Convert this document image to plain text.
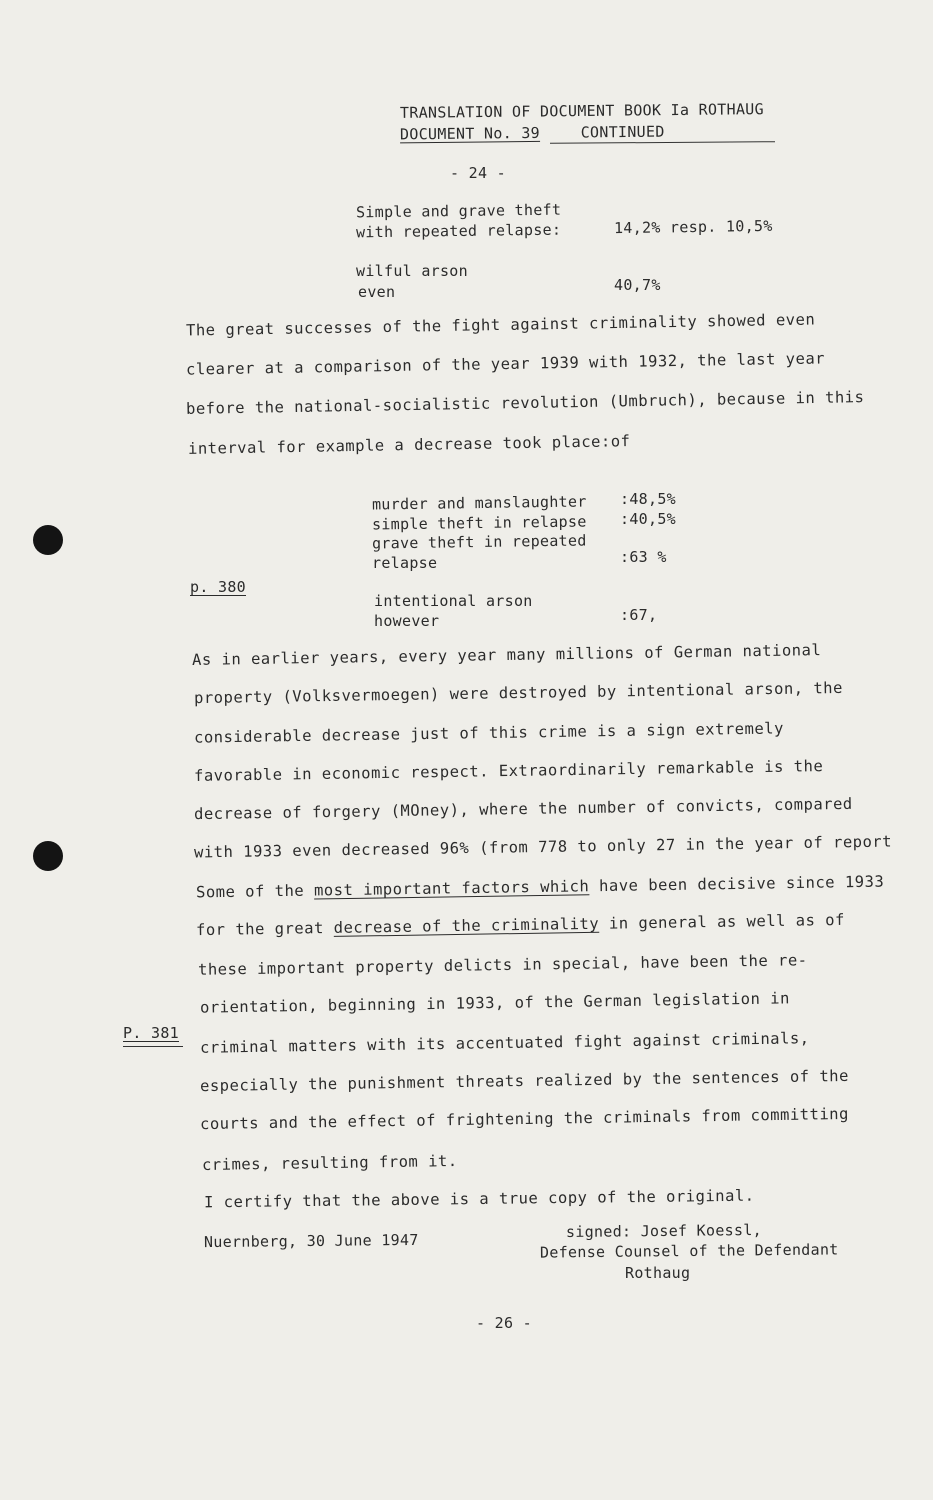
TRANSLATION OF DOCUMENT BOOK Ia ROTHAUG
DOCUMENT No. 39	CONTINUED
- 24 -
Simple and grave theft
with repeated relapse:	14,2% resp. 10,5%
wilful arson
even	40,7%
The great successes of the fight against criminality showed even
clearer at a comparison of the year 1939 with 1932, the last year
before the national-socialistic revolution (Umbruch), because in this
interval for example a decrease took place:of
murder and manslaughter :48,5%
simple theft in relapse :40,5%
grave theft in repeated
relapse	:63 %
p. 380
intentional arson
however	:67,
As in earlier years, every year many millions of German national
property (Volksvermoegen) were destroyed by intentional arson, the
considerable decrease just of this crime is a sign extremely
favorable in economic respect. Extraordinarily remarkable is the
decrease of forgery (MOney), where the number of convicts, compared
with 1933 even decreased 96% (from 778 to only 27 in the year of report
Some of the most important factors which have been decisive since 1933
for the great decrease of the criminality in general as well as of
these important property delicts in special, have been the re-
orientation, beginning in 1933, of the German legislation in
P. 381 criminal matters with its accentuated fight against criminals,
especially the punishment threats realized by the sentences of the
courts and the effect of frightening the criminals from committing
crimes, resulting from it.
I certify that the above is a true copy of the original.
Nuernberg, 30 June 1947	signed: Josef Koessl,
Defense Counsel of the Defendant
Rothaug
- 26 -
